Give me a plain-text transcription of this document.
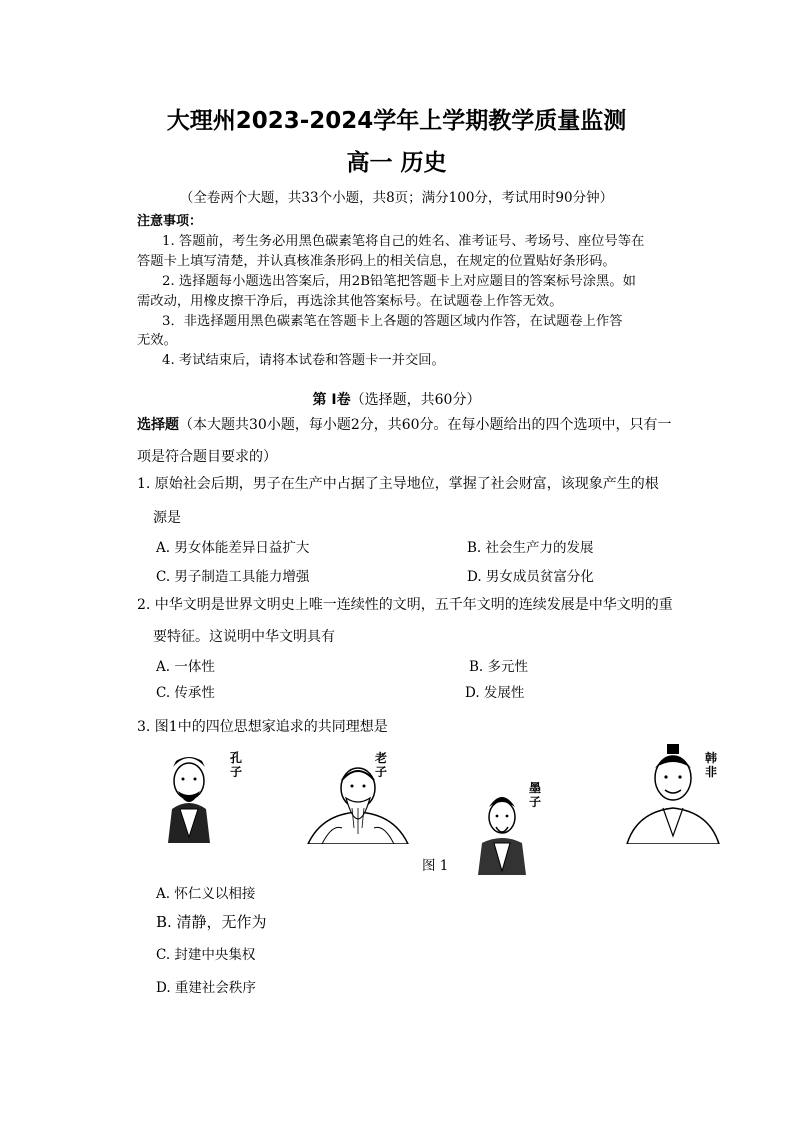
大理州2023-2024学年上学期教学质量监测
高一 历史
（全卷两个大题，共33个小题，共8页；满分100分，考试用时90分钟）
注意事项：
1. 答题前，考生务必用黑色碳素笔将自己的姓名、准考证号、考场号、座位号等在
答题卡上填写清楚，并认真核准条形码上的相关信息，在规定的位置贴好条形码。
2. 选择题每小题选出答案后，用2B铅笔把答题卡上对应题目的答案标号涂黑。如
需改动，用橡皮擦干净后，再选涂其他答案标号。在试题卷上作答无效。
3．非选择题用黑色碳素笔在答题卡上各题的答题区域内作答，在试题卷上作答
无效。
4. 考试结束后，请将本试卷和答题卡一并交回。
第 I卷（选择题，共60分）
选择题（本大题共30小题，每小题2分，共60分。在每小题给出的四个选项中，只有一
项是符合题目要求的）
1. 原始社会后期，男子在生产中占据了主导地位，掌握了社会财富，该现象产生的根
源是
A. 男女体能差异日益扩大	B. 社会生产力的发展
C. 男子制造工具能力增强	D. 男女成员贫富分化
2. 中华文明是世界文明史上唯一连续性的文明，五千年文明的连续发展是中华文明的重
要特征。这说明中华文明具有
A. 一体性	B. 多元性
C. 传承性	D. 发展性
3. 图1中的四位思想家追求的共同理想是
孔子
老子
墨子
韩非
图 1
A. 怀仁义以相接
B. 清静，无作为
C. 封建中央集权
D. 重建社会秩序
